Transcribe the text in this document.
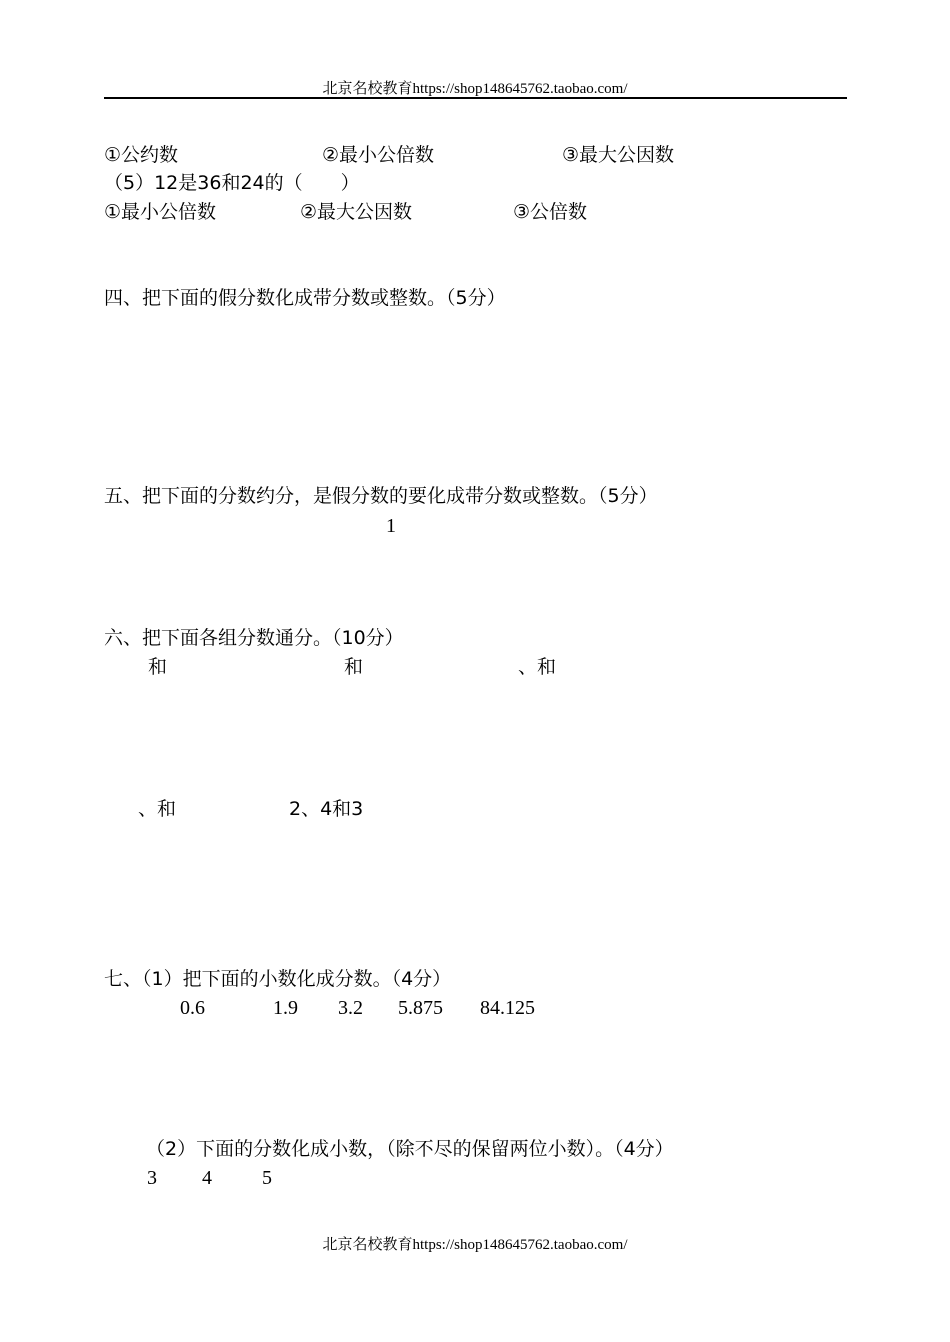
北京名校教育https://shop148645762.taobao.com/
①公约数	②最小公倍数	③最大公因数
（5）12是36和24的（　　）
①最小公倍数	②最大公因数	③公倍数
四、把下面的假分数化成带分数或整数。（5分）
五、把下面的分数约分，是假分数的要化成带分数或整数。（5分）
1
六、把下面各组分数通分。（10分）
和	和	、和
、和	2、4和3
七、（1）把下面的小数化成分数。（4分）
0.6	1.9 3.2 5.875 84.125
（2）下面的分数化成小数，（除不尽的保留两位小数）。（4分）
3 4	5
北京名校教育https://shop148645762.taobao.com/
